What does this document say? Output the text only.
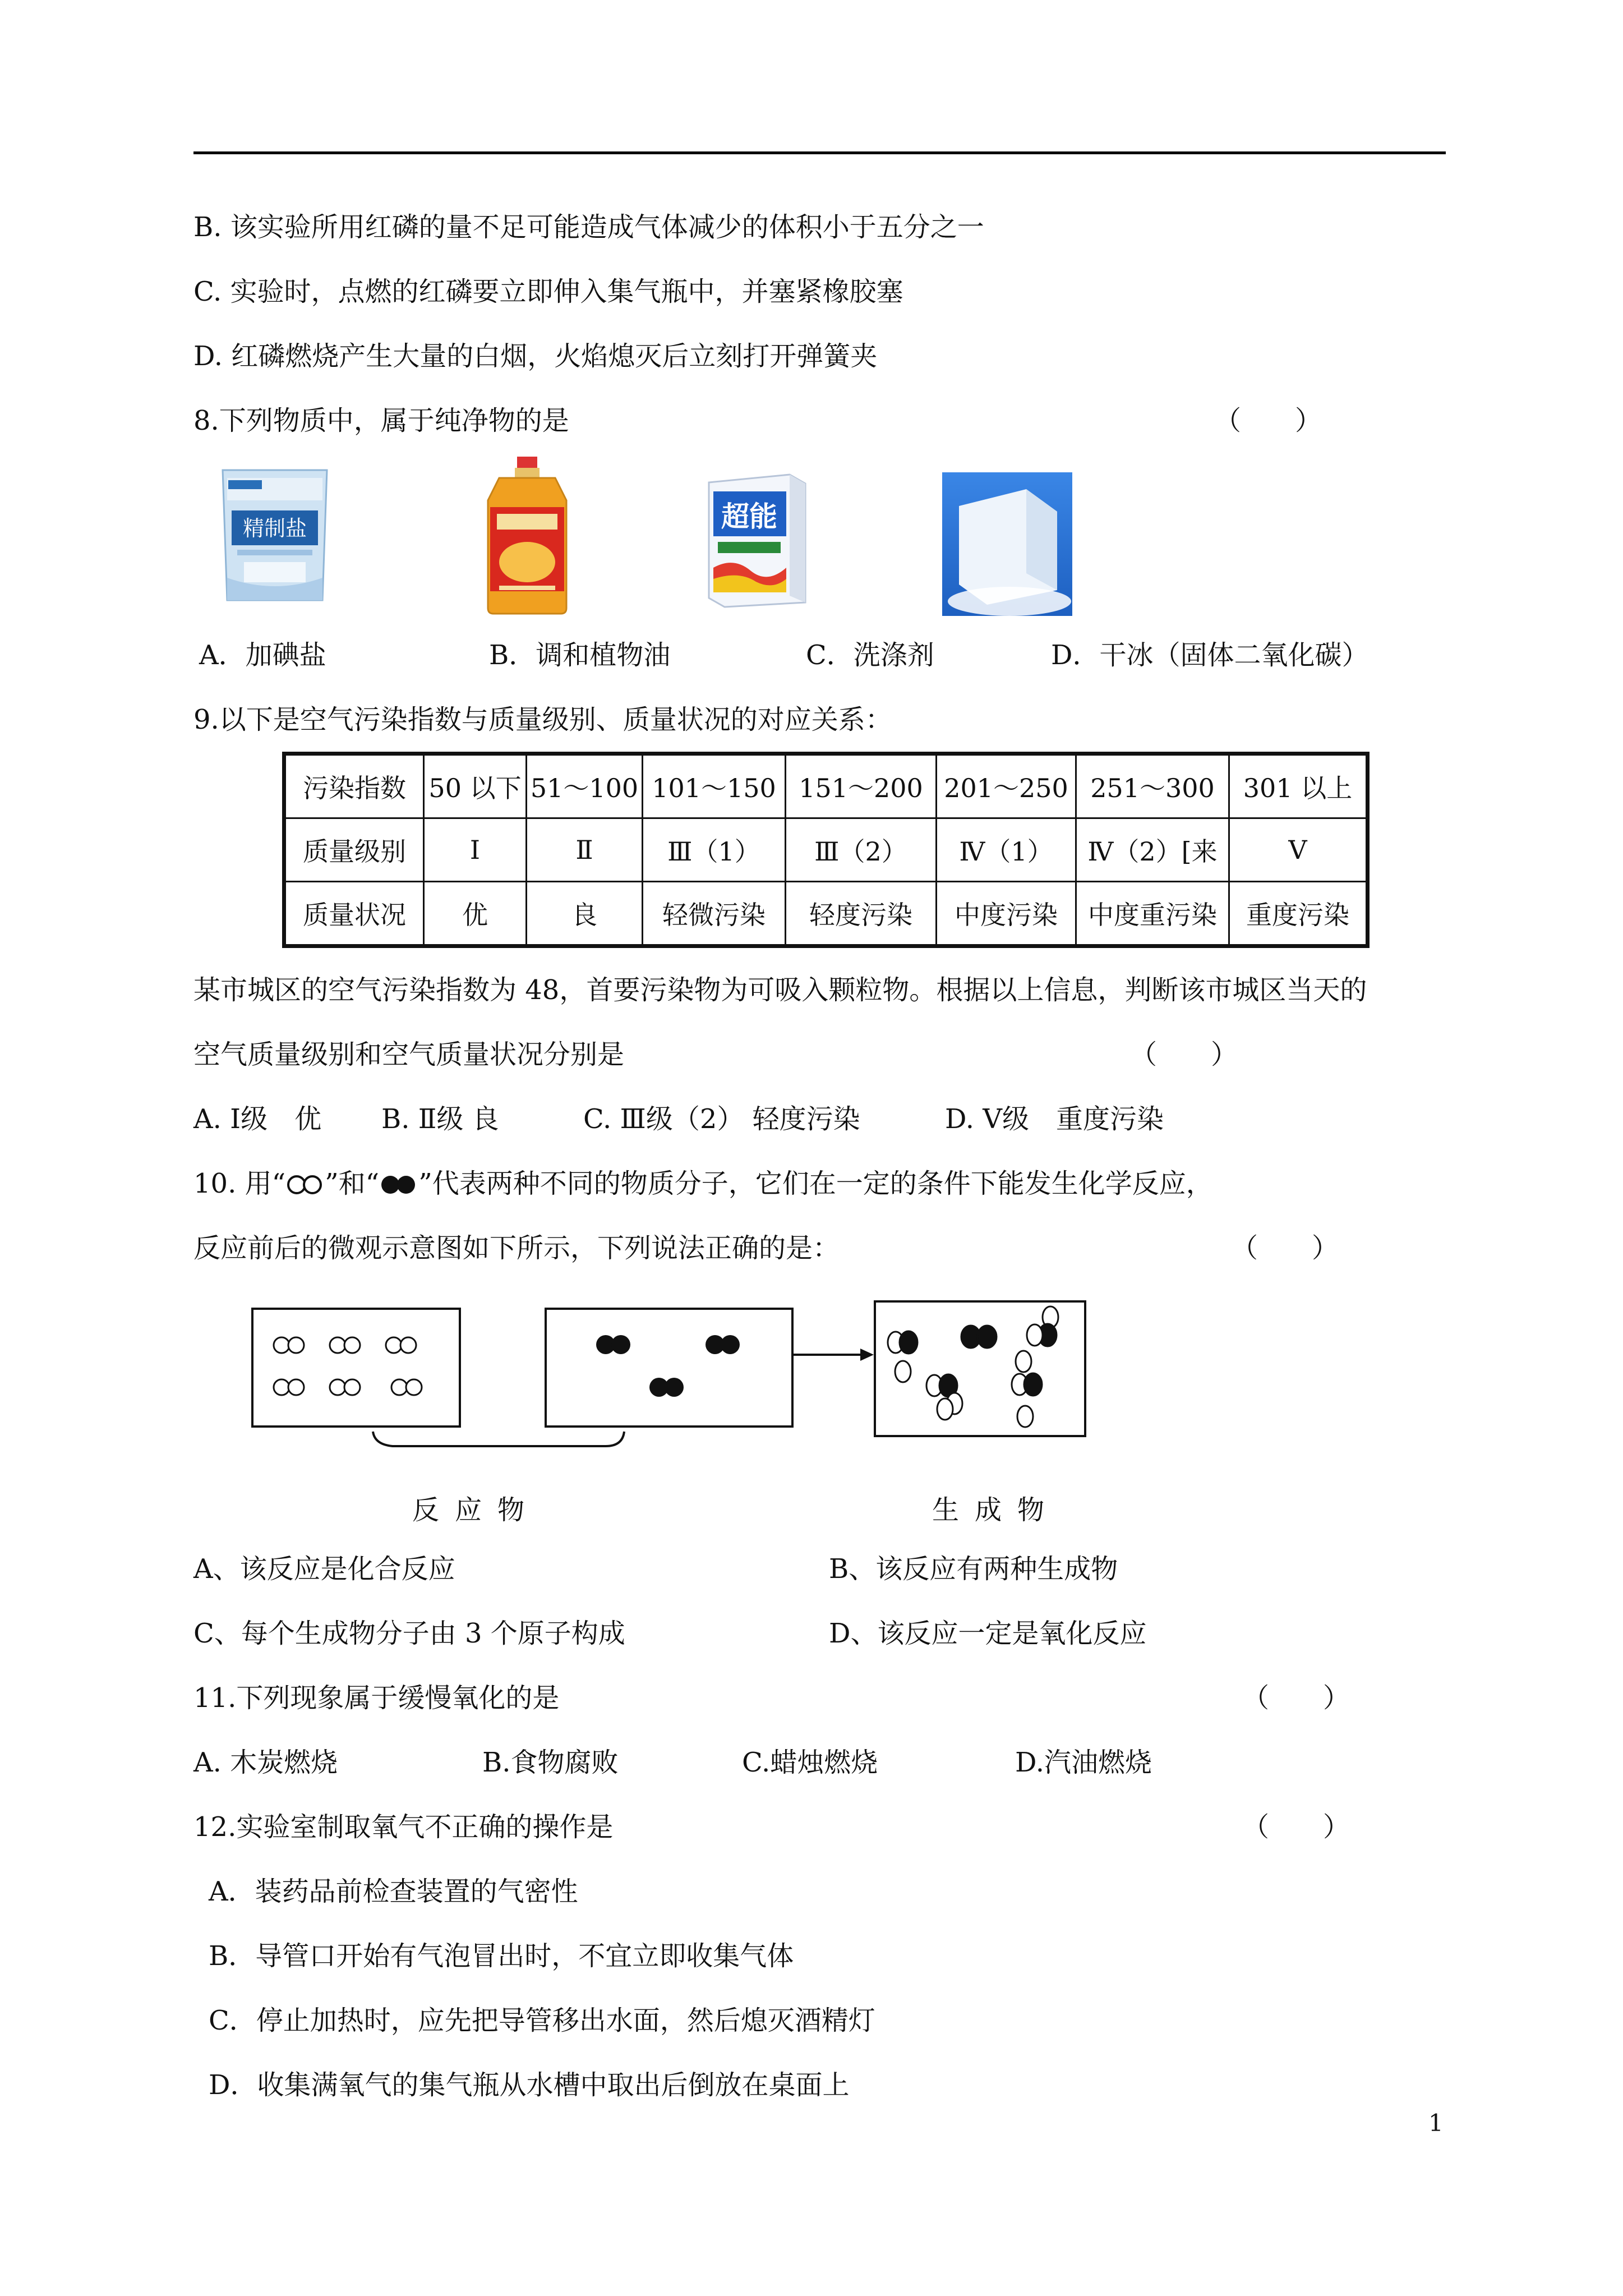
B. 该实验所用红磷的量不足可能造成气体减少的体积小于五分之一
C. 实验时，点燃的红磷要立即伸入集气瓶中，并塞紧橡胶塞
D. 红磷燃烧产生大量的白烟，火焰熄灭后立刻打开弹簧夹
8.下列物质中，属于纯净物的是	（　　）
精制盐	超能
A．加碘盐	B．调和植物油	C．洗涤剂	D．干冰（固体二氧化碳）
9.以下是空气污染指数与质量级别、质量状况的对应关系：
污染指数	50 以下	51～100	101～150	151～200	201～250	251～300	301 以上
质量级别	I	Ⅱ	Ⅲ（1）	Ⅲ（2）	Ⅳ（1）	Ⅳ（2）[来	Ⅴ
质量状况	优	良	轻微污染	轻度污染	中度污染	中度重污染	重度污染
某市城区的空气污染指数为 48，首要污染物为可吸入颗粒物。根据以上信息，判断该市城区当天的
空气质量级别和空气质量状况分别是	（　　）
A. Ⅰ级　优 B. Ⅱ级 良	C. Ⅲ级（2） 轻度污染	D. Ⅴ级　重度污染
10. 用“ ”和“ ”代表两种不同的物质分子，它们在一定的条件下能发生化学反应，
反应前后的微观示意图如下所示，下列说法正确的是：	（　　）
反应物	生成物
A、该反应是化合反应	B、该反应有两种生成物
C、每个生成物分子由 3 个原子构成	D、该反应一定是氧化反应
11.下列现象属于缓慢氧化的是	（　　）
A. 木炭燃烧	B.食物腐败	C.蜡烛燃烧	D.汽油燃烧
12.实验室制取氧气不正确的操作是	（　　）
A．装药品前检查装置的气密性
B．导管口开始有气泡冒出时，不宜立即收集气体
C．停止加热时，应先把导管移出水面，然后熄灭酒精灯
D．收集满氧气的集气瓶从水槽中取出后倒放在桌面上
1
